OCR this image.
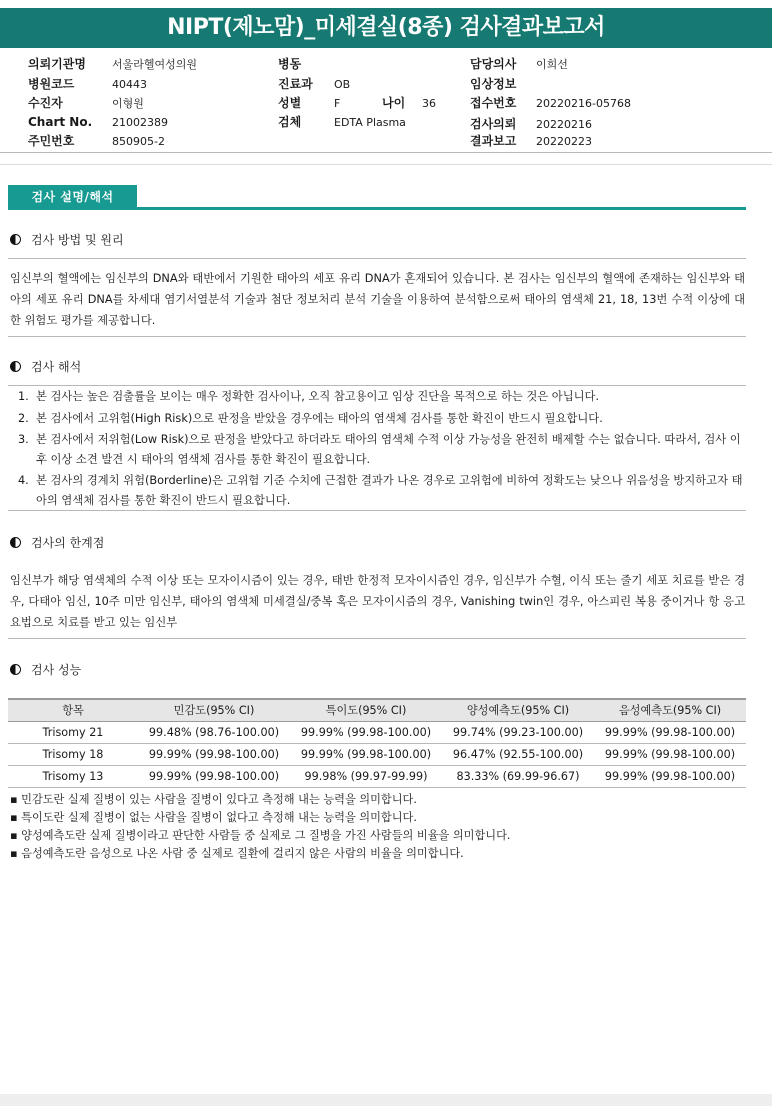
NIPT(제노맘)_미세결실(8종) 검사결과보고서
의뢰기관명 서울라헬여성의원
병원코드	40443
수진자	이형원
Chart No. 21002389
주민번호	850905-2
병동
진료과 OB
성별	F	나이 36
검체	EDTA Plasma
담당의사 이희선
임상정보
접수번호 20220216-05768
검사의뢰 20220216
결과보고 20220223
검사 설명/해석
검사 방법 및 원리
임신부의 혈액에는 임신부의 DNA와 태반에서 기원한 태아의 세포 유리 DNA가 혼재되어 있습니다. 본 검사는 임신부의 혈액에 존재하는 임신부와 태아의 세포 유리 DNA를 차세대 염기서열분석 기술과 첨단 정보처리 분석 기술을 이용하여 분석함으로써 태아의 염색체 21, 18, 13번 수적 이상에 대한 위험도 평가를 제공합니다.
검사 해석
1. 본 검사는 높은 검출률을 보이는 매우 정확한 검사이나, 오직 참고용이고 임상 진단을 목적으로 하는 것은 아닙니다.
2. 본 검사에서 고위험(High Risk)으로 판정을 받았을 경우에는 태아의 염색체 검사를 통한 확진이 반드시 필요합니다.
3. 본 검사에서 저위험(Low Risk)으로 판정을 받았다고 하더라도 태아의 염색체 수적 이상 가능성을 완전히 배제할 수는 없습니다. 따라서, 검사 이후 이상 소견 발견 시 태아의 염색체 검사를 통한 확진이 필요합니다.
4. 본 검사의 경계치 위험(Borderline)은 고위험 기준 수치에 근접한 결과가 나온 경우로 고위험에 비하여 정확도는 낮으나 위음성을 방지하고자 태아의 염색체 검사를 통한 확진이 반드시 필요합니다.
검사의 한계점
임신부가 해당 염색체의 수적 이상 또는 모자이시즘이 있는 경우, 태반 한정적 모자이시즘인 경우, 임신부가 수혈, 이식 또는 줄기 세포 치료를 받은 경우, 다태아 임신, 10주 미만 임신부, 태아의 염색체 미세결실/중복 혹은 모자이시즘의 경우, Vanishing twin인 경우, 아스피린 복용 중이거나 항 응고 요법으로 치료를 받고 있는 임신부
검사 성능
항목	민감도(95% CI)	특이도(95% CI)	양성예측도(95% CI)	음성예측도(95% CI)
Trisomy 21	99.48% (98.76-100.00)	99.99% (99.98-100.00)	99.74% (99.23-100.00)	99.99% (99.98-100.00)
Trisomy 18	99.99% (99.98-100.00)	99.99% (99.98-100.00)	96.47% (92.55-100.00)	99.99% (99.98-100.00)
Trisomy 13	99.99% (99.98-100.00)	99.98% (99.97-99.99)	83.33% (69.99-96.67)	99.99% (99.98-100.00)
▪ 민감도란 실제 질병이 있는 사람을 질병이 있다고 측정해 내는 능력을 의미합니다.
▪ 특이도란 실제 질병이 없는 사람을 질병이 없다고 측정해 내는 능력을 의미합니다.
▪ 양성예측도란 실제 질병이라고 판단한 사람들 중 실제로 그 질병을 가진 사람들의 비율을 의미합니다.
▪ 음성예측도란 음성으로 나온 사람 중 실제로 질환에 걸리지 않은 사람의 비율을 의미합니다.
